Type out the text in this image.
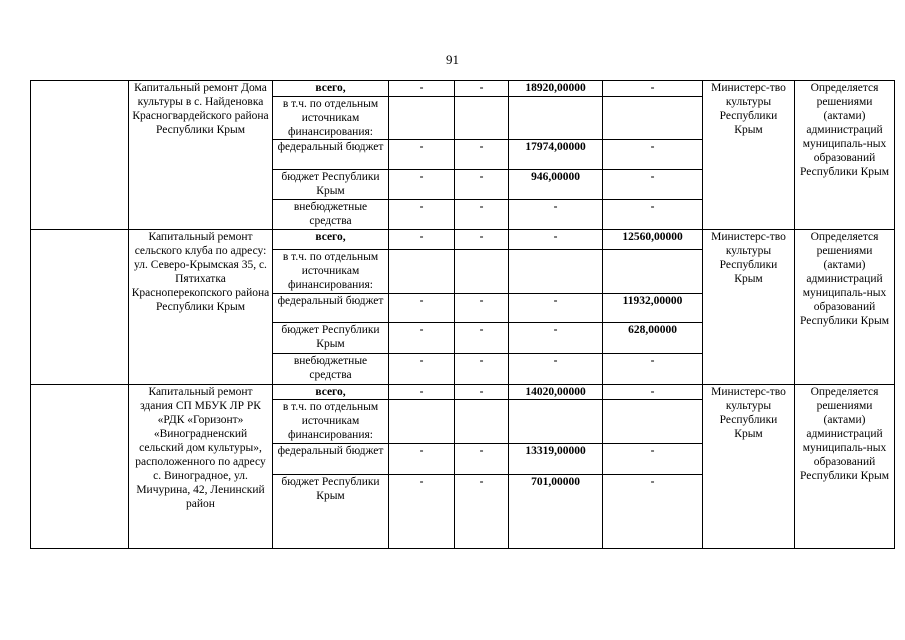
91
	Капитальный ремонт Дома культуры в с. Найденовка Красногвардейского района Республики Крым	всего,	-	-	18920,00000	-	Министерс-тво культуры Республики Крым	Определяется решениями (актами) администраций муниципаль-ных образований Республики Крым
		в т.ч. по отдельным источникам финансирования:						
		федеральный бюджет	-	-	17974,00000	-		
		бюджет Республики Крым	-	-	946,00000	-		
		внебюджетные средства	-	-	-	-		
	Капитальный ремонт сельского клуба по адресу: ул. Северо-Крымская 35, с. Пятихатка Красноперекопского района Республики Крым	всего,	-	-	-	12560,00000	Министерс-тво культуры Республики Крым	Определяется решениями (актами) администраций муниципаль-ных образований Республики Крым
		в т.ч. по отдельным источникам финансирования:						
		федеральный бюджет	-	-	-	11932,00000		
		бюджет Республики Крым	-	-	-	628,00000		
		внебюджетные средства	-	-	-	-		
	Капитальный ремонт здания СП МБУК ЛР РК «РДК «Горизонт» «Виноградненский сельский дом культуры», расположенного по адресу с. Виноградное, ул. Мичурина, 42, Ленинский район	всего,	-	-	14020,00000	-	Министерс-тво культуры Республики Крым	Определяется решениями (актами) администраций муниципаль-ных образований Республики Крым
		в т.ч. по отдельным источникам финансирования:						
		федеральный бюджет	-	-	13319,00000	-		
		бюджет Республики Крым	-	-	701,00000	-		
